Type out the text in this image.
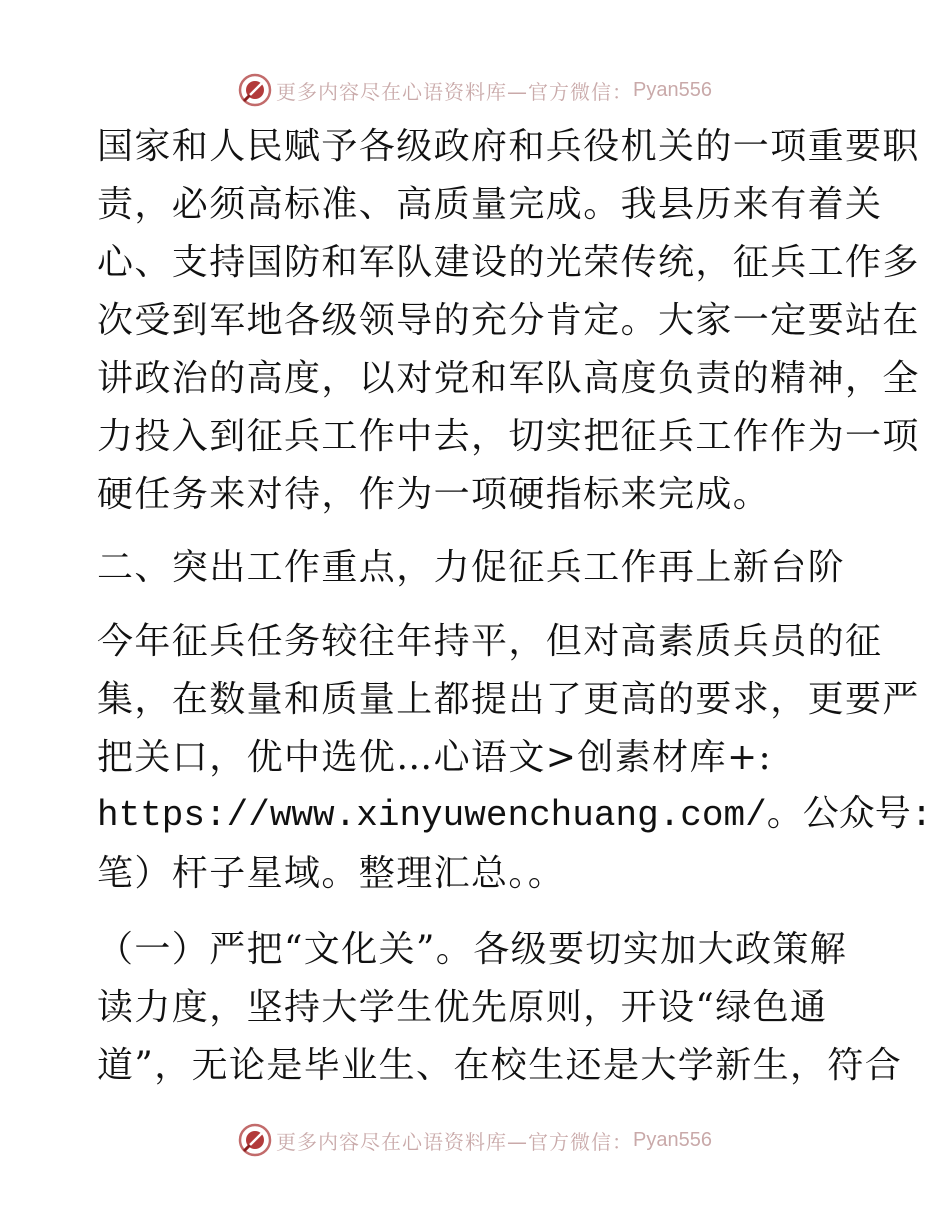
更多内容尽在心语资料库—官方微信： Pyan556
国家和人民赋予各级政府和兵役机关的一项重要职
责，必须高标准、高质量完成。我县历来有着关
心、支持国防和军队建设的光荣传统，征兵工作多
次受到军地各级领导的充分肯定。大家一定要站在
讲政治的高度，以对党和军队高度负责的精神，全
力投入到征兵工作中去，切实把征兵工作作为一项
硬任务来对待，作为一项硬指标来完成。
二、突出工作重点，力促征兵工作再上新台阶
今年征兵任务较往年持平，但对高素质兵员的征
集，在数量和质量上都提出了更高的要求，更要严
把关口，优中选优…心语文>创素材库+:
https://www.xinyuwenchuang.com/。公众号:
笔）杆子星域。整理汇总。。
（一）严把“文化关”。各级要切实加大政策解
读力度，坚持大学生优先原则，开设“绿色通
道”，无论是毕业生、在校生还是大学新生，符合
更多内容尽在心语资料库—官方微信： Pyan556
